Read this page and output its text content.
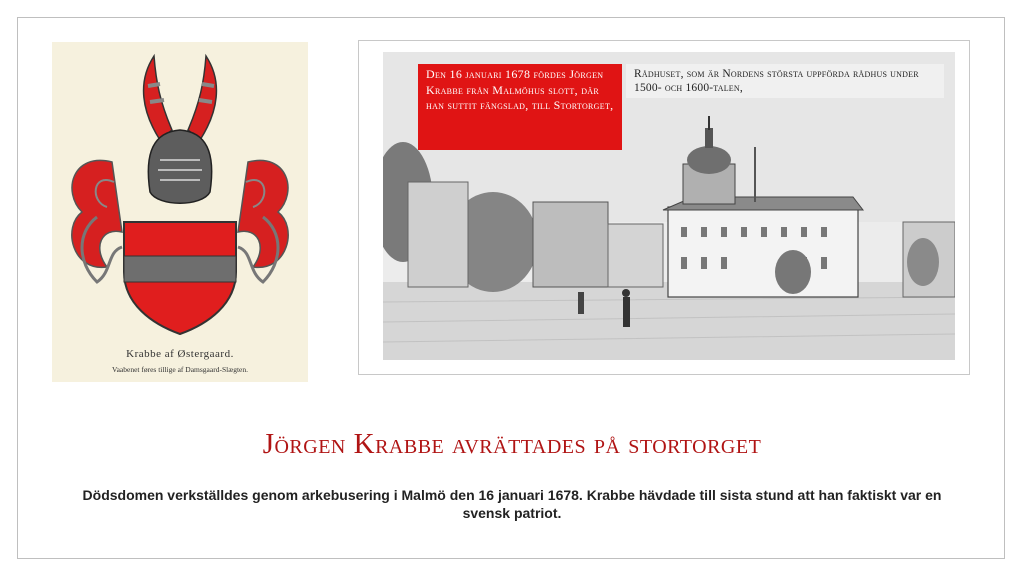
Krabbe af Østergaard.
Vaabenet føres tillige af Damsgaard-Slægten.
Den 16 januari 1678 fördes Jörgen Krabbe från Malmöhus slott, där han suttit fängslad, till Stortorget,
Rådhuset, som är Nordens största uppförda rådhus under 1500- och 1600-talen,
Jörgen Krabbe avrättades på stortorget

Dödsdomen verkställdes genom arkebusering i Malmö den 16 januari 1678. Krabbe hävdade till sista stund att han faktiskt var en svensk patriot.
